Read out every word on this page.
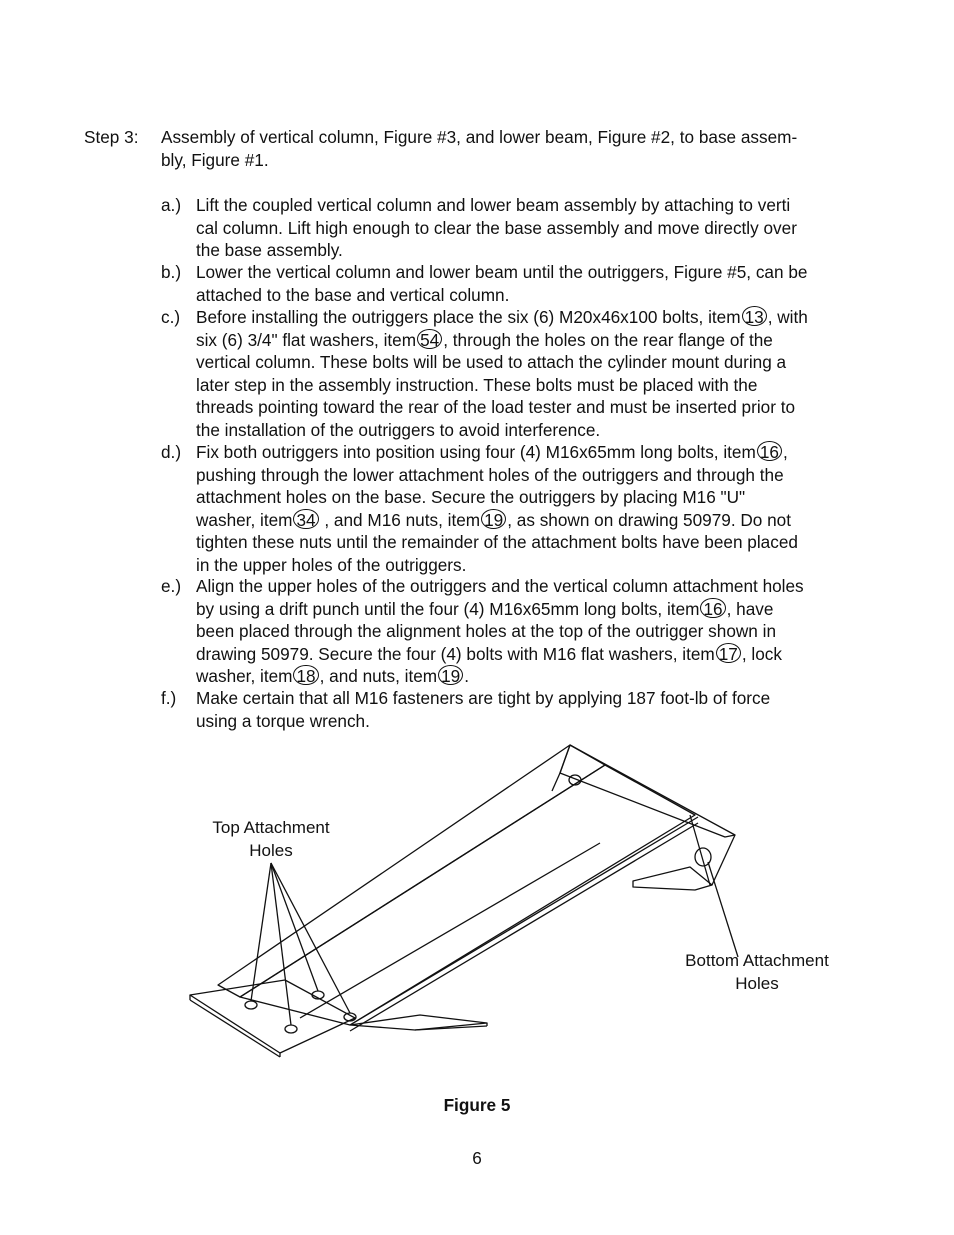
Step 3: Assembly of vertical column, Figure #3, and lower beam, Figure #2, to base assem-
bly, Figure #1.
a.) Lift the coupled vertical column and lower beam assembly by attaching to verti
cal column. Lift high enough to clear the base assembly and move directly over
the base assembly.
b.) Lower the vertical column and lower beam until the outriggers, Figure #5, can be
attached to the base and vertical column.
c.) Before installing the outriggers place the six (6) M20x46x100 bolts, item 13 , with
six (6) 3/4" flat washers, item 54 , through the holes on the rear flange of the
vertical column. These bolts will be used to attach the cylinder mount during a
later step in the assembly instruction. These bolts must be placed with the
threads pointing toward the rear of the load tester and must be inserted prior to
the installation of the outriggers to avoid interference.
d.) Fix both outriggers into position using four (4) M16x65mm long bolts, item 16 ,
pushing through the lower attachment holes of the outriggers and through the
attachment holes on the base. Secure the outriggers by placing M16 "U"
washer, item 34 , and M16 nuts, item 19 , as shown on drawing 50979. Do not
tighten these nuts until the remainder of the attachment bolts have been placed
in the upper holes of the outriggers.
e.) Align the upper holes of the outriggers and the vertical column attachment holes
by using a drift punch until the four (4) M16x65mm long bolts, item 16 , have
been placed through the alignment holes at the top of the outrigger shown in
drawing 50979. Secure the four (4) bolts with M16 flat washers, item 17 , lock
washer, item 18 , and nuts, item 19 .
f.) Make certain that all M16 fasteners are tight by applying 187 foot-lb of force
using a torque wrench.
Top Attachment
Holes
Bottom Attachment
Holes
Figure 5
6
